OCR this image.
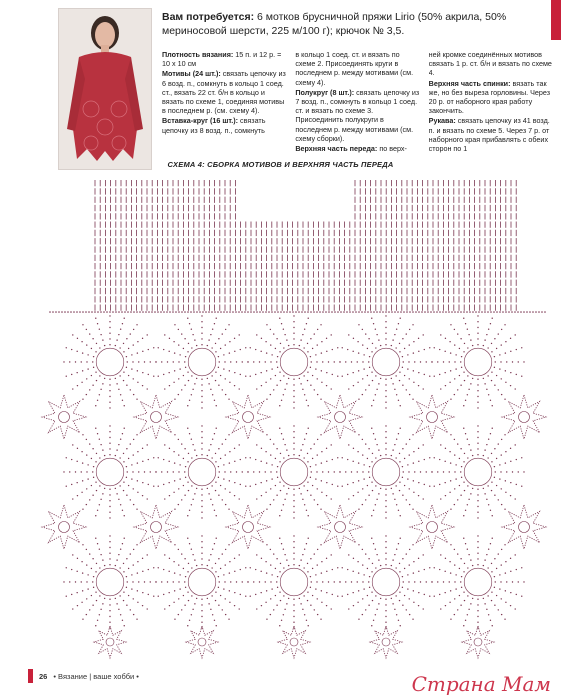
Вам потребуется: 6 мотков брусничной пряжи Lirio (50% акрила, 50% мериносовой шерсти, 225 м/100 г); крючок № 3,5.

Плотность вязания: 15 п. и 12 р. = 10 х 10 см

Мотивы (24 шт.): связать цепочку из 6 возд. п., сомкнуть в кольцо 1 соед. ст., вязать 22 ст. б/н в кольцо и вязать по схеме 1, соединяя мотивы в последнем р. (см. схему 4).

Вставка-круг (16 шт.): связать цепочку из 8 возд. п., сомкнуть

в кольцо 1 соед. ст. и вязать по схеме 2. Присоединять круги в последнем р. между мотивами (см. схему 4).

Полукруг (8 шт.): связать цепочку из 7 возд. п., сомкнуть в кольцо 1 соед. ст. и вязать по схеме 3. Присоединить полукруги в последнем р. между мотивами (см. схему сборки).

Верхняя часть переда: по верх-

ней кромке соединённых мотивов связать 1 р. ст. б/н и вязать по схеме 4.

Верхняя часть спинки: вязать так же, но без выреза горловины. Через 20 р. от наборного края работу закончить.

Рукава: связать цепочку из 41 возд. п. и вязать по схеме 5. Через 7 р. от наборного края прибавлять с обеих сторон по 1

СХЕМА 4: СБОРКА МОТИВОВ И ВЕРХНЯЯ ЧАСТЬ ПЕРЕДА
26 • Вязание | ваше хобби •	Страна Мам
